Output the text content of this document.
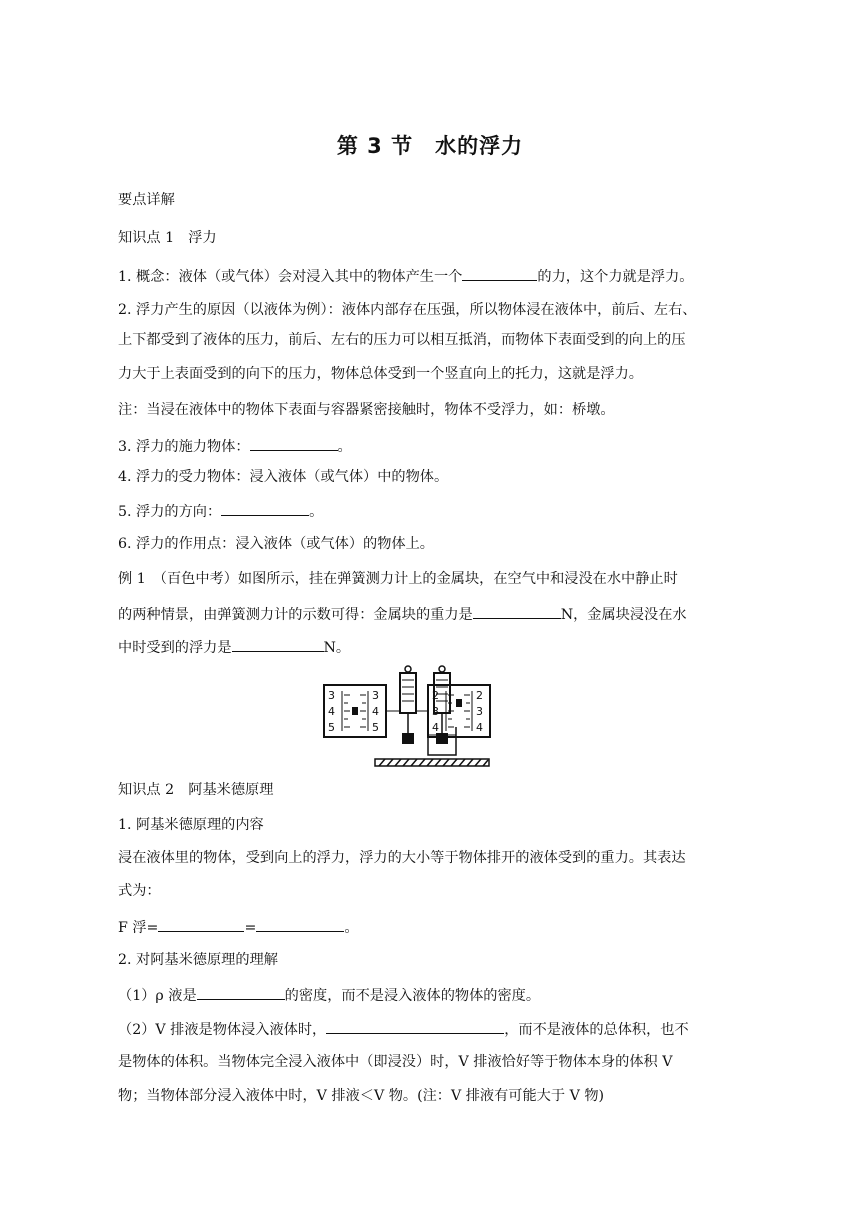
第 3 节 水的浮力
要点详解
知识点 1　浮力
1. 概念：液体（或气体）会对浸入其中的物体产生一个	的力，这个力就是浮力。
2. 浮力产生的原因（以液体为例）：液体内部存在压强，所以物体浸在液体中，前后、左右、
上下都受到了液体的压力，前后、左右的压力可以相互抵消，而物体下表面受到的向上的压
力大于上表面受到的向下的压力，物体总体受到一个竖直向上的托力，这就是浮力。
注：当浸在液体中的物体下表面与容器紧密接触时，物体不受浮力，如：桥墩。
3. 浮力的施力物体：	。
4. 浮力的受力物体：浸入液体（或气体）中的物体。
5. 浮力的方向：	。
6. 浮力的作用点：浸入液体（或气体）的物体上。
例 1　（百色中考）如图所示，挂在弹簧测力计上的金属块，在空气中和浸没在水中静止时
的两种情景，由弹簧测力计的示数可得：金属块的重力是	N，金属块浸没在水
中时受到的浮力是	N。
3
4
5
3
4
5
2
3
4
2
3
4
知识点 2　阿基米德原理
1. 阿基米德原理的内容
浸在液体里的物体，受到向上的浮力，浮力的大小等于物体排开的液体受到的重力。其表达
式为：
F 浮=	=	。
2. 对阿基米德原理的理解
（1）ρ 液是	的密度，而不是浸入液体的物体的密度。
（2）V 排液是物体浸入液体时，	，而不是液体的总体积，也不
是物体的体积。当物体完全浸入液体中（即浸没）时，V 排液恰好等于物体本身的体积 V
物；当物体部分浸入液体中时，V 排液＜V 物。(注：V 排液有可能大于 V 物)
